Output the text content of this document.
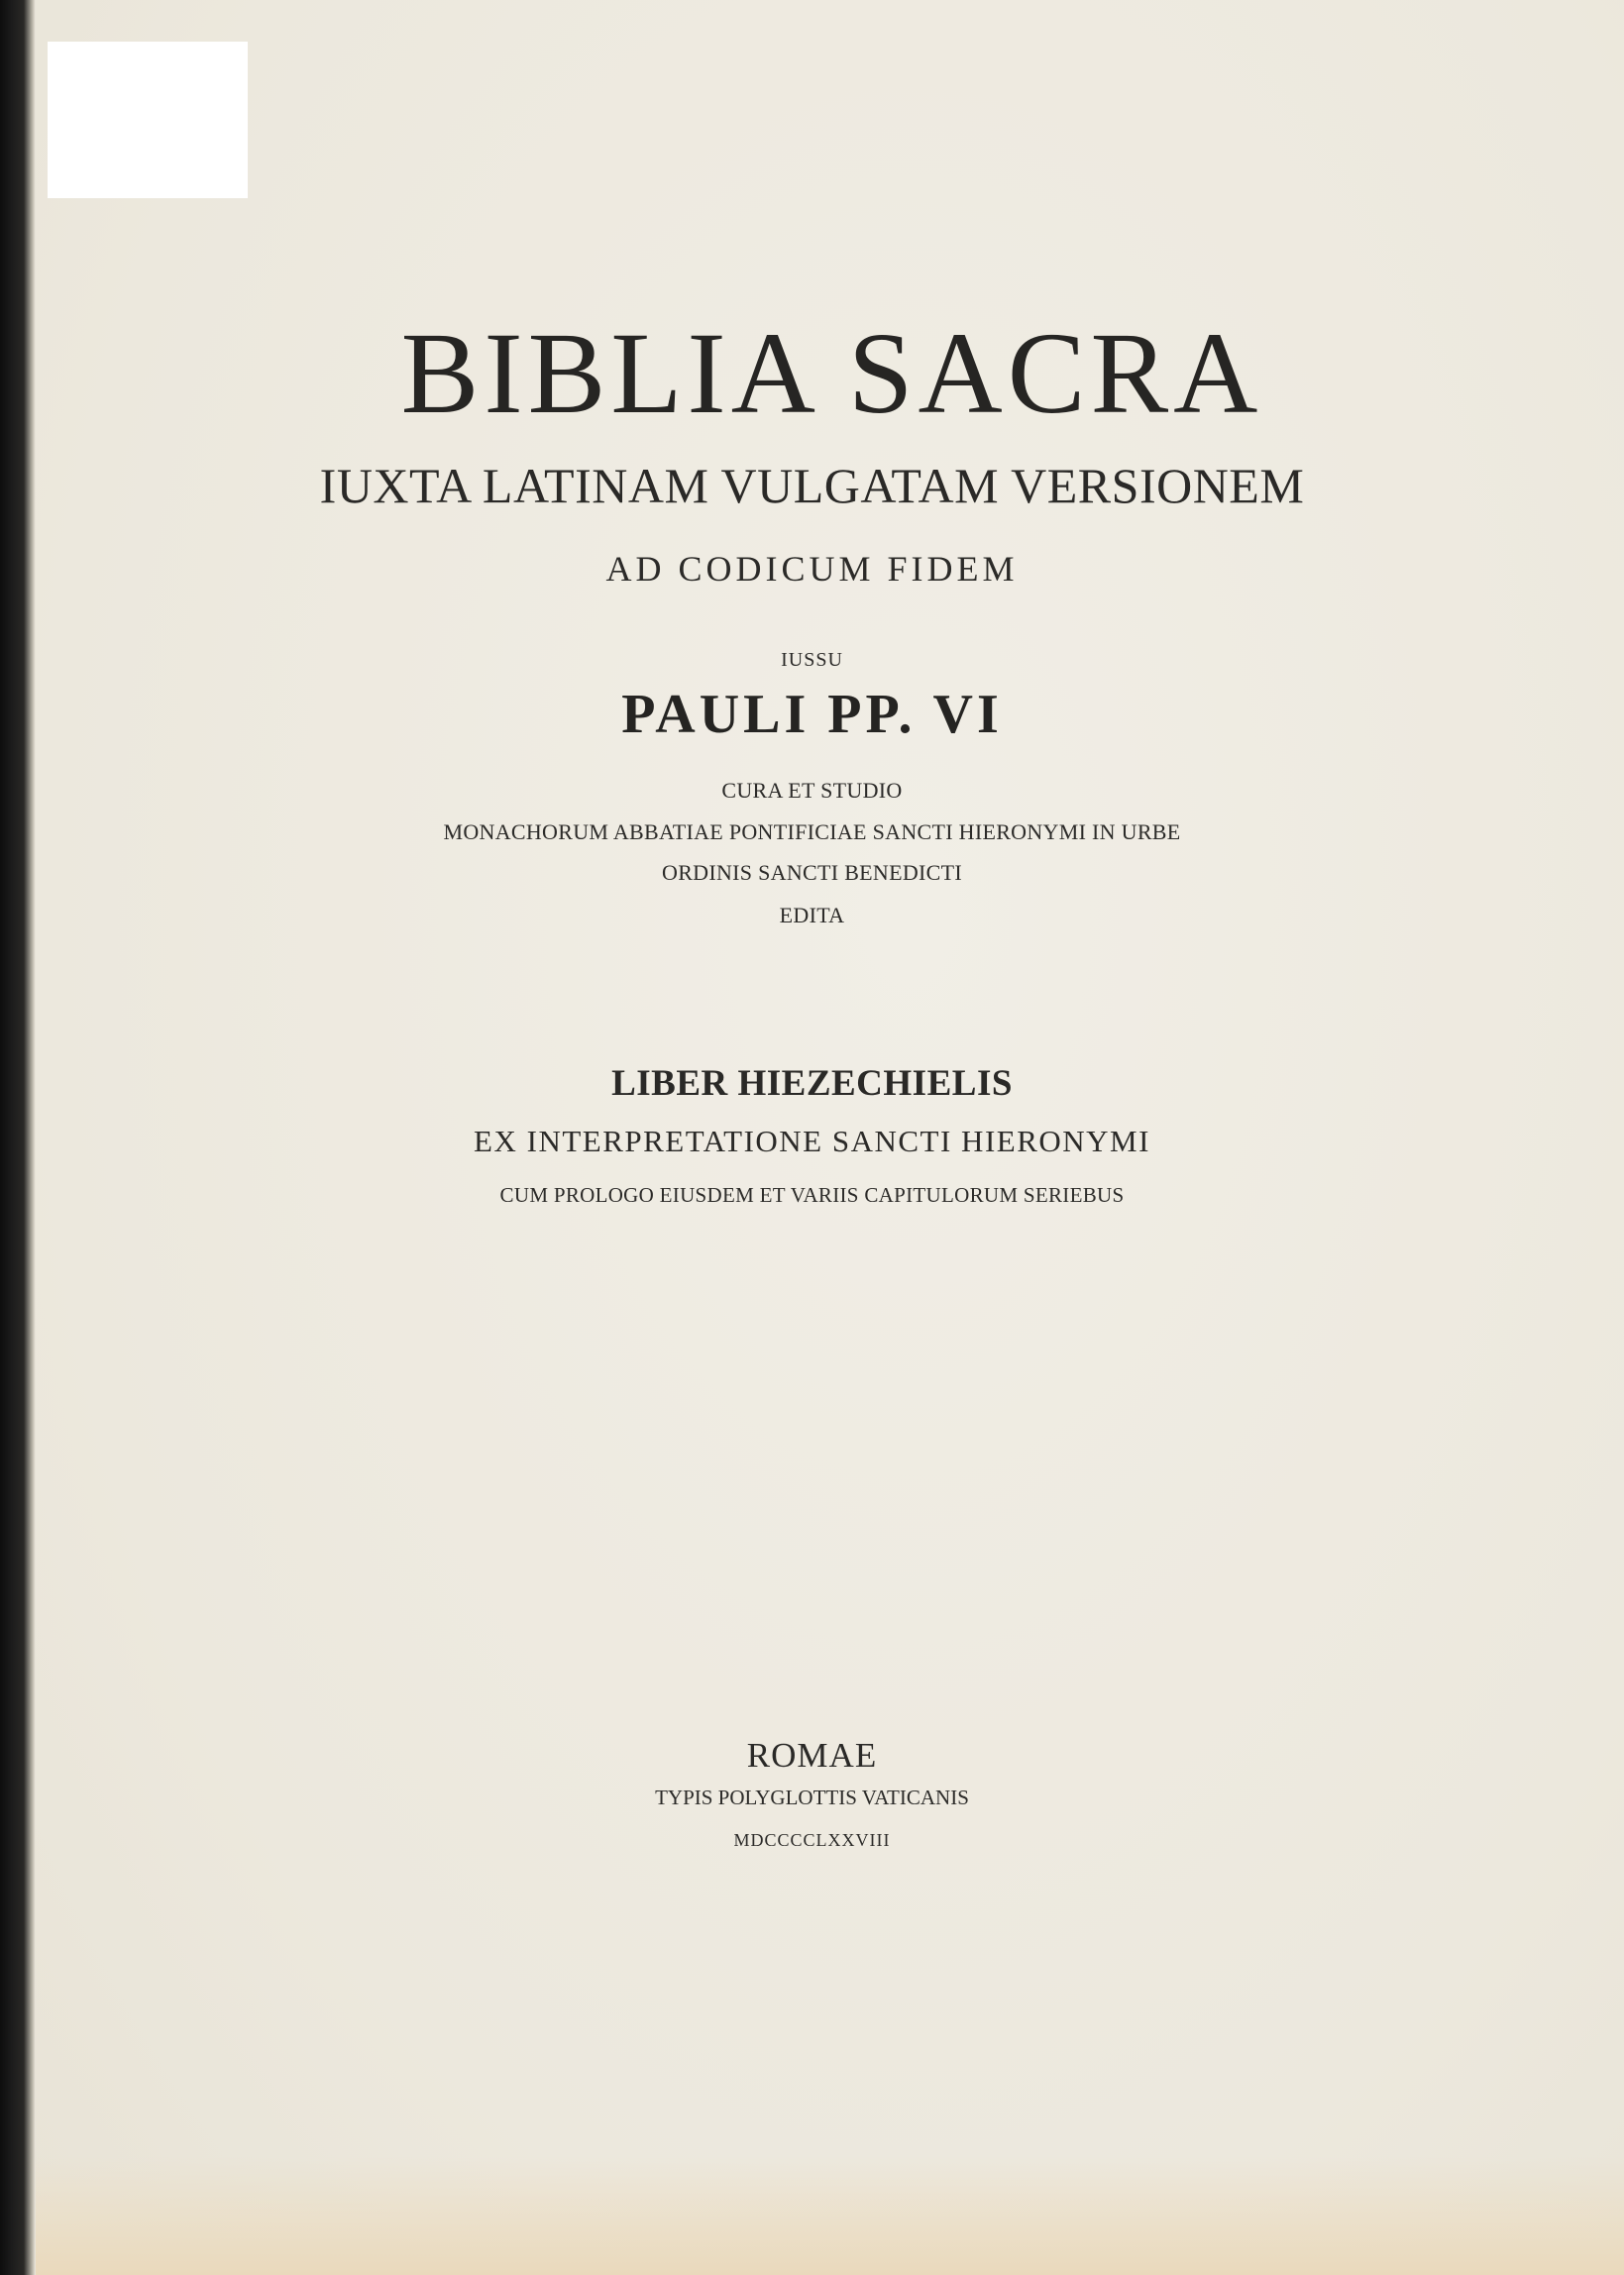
BIBLIA SACRA
IUXTA LATINAM VULGATAM VERSIONEM
AD CODICUM FIDEM
IUSSU
PAULI PP. VI
CURA ET STUDIO
MONACHORUM ABBATIAE PONTIFICIAE SANCTI HIERONYMI IN URBE
ORDINIS SANCTI BENEDICTI
EDITA
LIBER HIEZECHIELIS
EX INTERPRETATIONE SANCTI HIERONYMI
CUM PROLOGO EIUSDEM ET VARIIS CAPITULORUM SERIEBUS
ROMAE
TYPIS POLYGLOTTIS VATICANIS
MDCCCCLXXVIII
